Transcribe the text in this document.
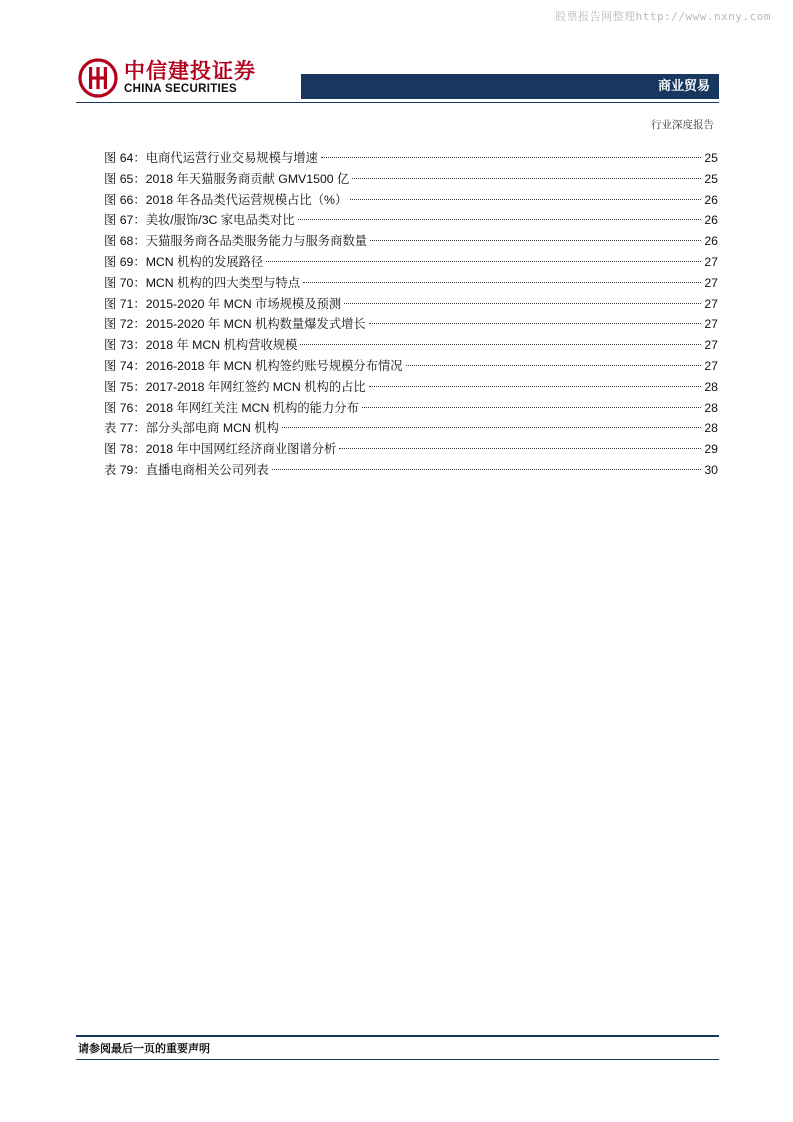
股票报告网整理http://www.nxny.com
中信建投证券
CHINA SECURITIES	商业贸易
行业深度报告
图 64：电商代运营行业交易规模与增速	25
图 65：2018 年天猫服务商贡献 GMV1500 亿	25
图 66：2018 年各品类代运营规模占比（%）	26
图 67：美妆/服饰/3C 家电品类对比	26
图 68：天猫服务商各品类服务能力与服务商数量	26
图 69：MCN 机构的发展路径	27
图 70：MCN 机构的四大类型与特点	27
图 71：2015-2020 年 MCN 市场规模及预测	27
图 72：2015-2020 年 MCN 机构数量爆发式增长	27
图 73：2018 年 MCN 机构营收规模	27
图 74：2016-2018 年 MCN 机构签约账号规模分布情况	27
图 75：2017-2018 年网红签约 MCN 机构的占比	28
图 76：2018 年网红关注 MCN 机构的能力分布	28
表 77：部分头部电商 MCN 机构	28
图 78：2018 年中国网红经济商业图谱分析	29
表 79：直播电商相关公司列表	30
请参阅最后一页的重要声明
